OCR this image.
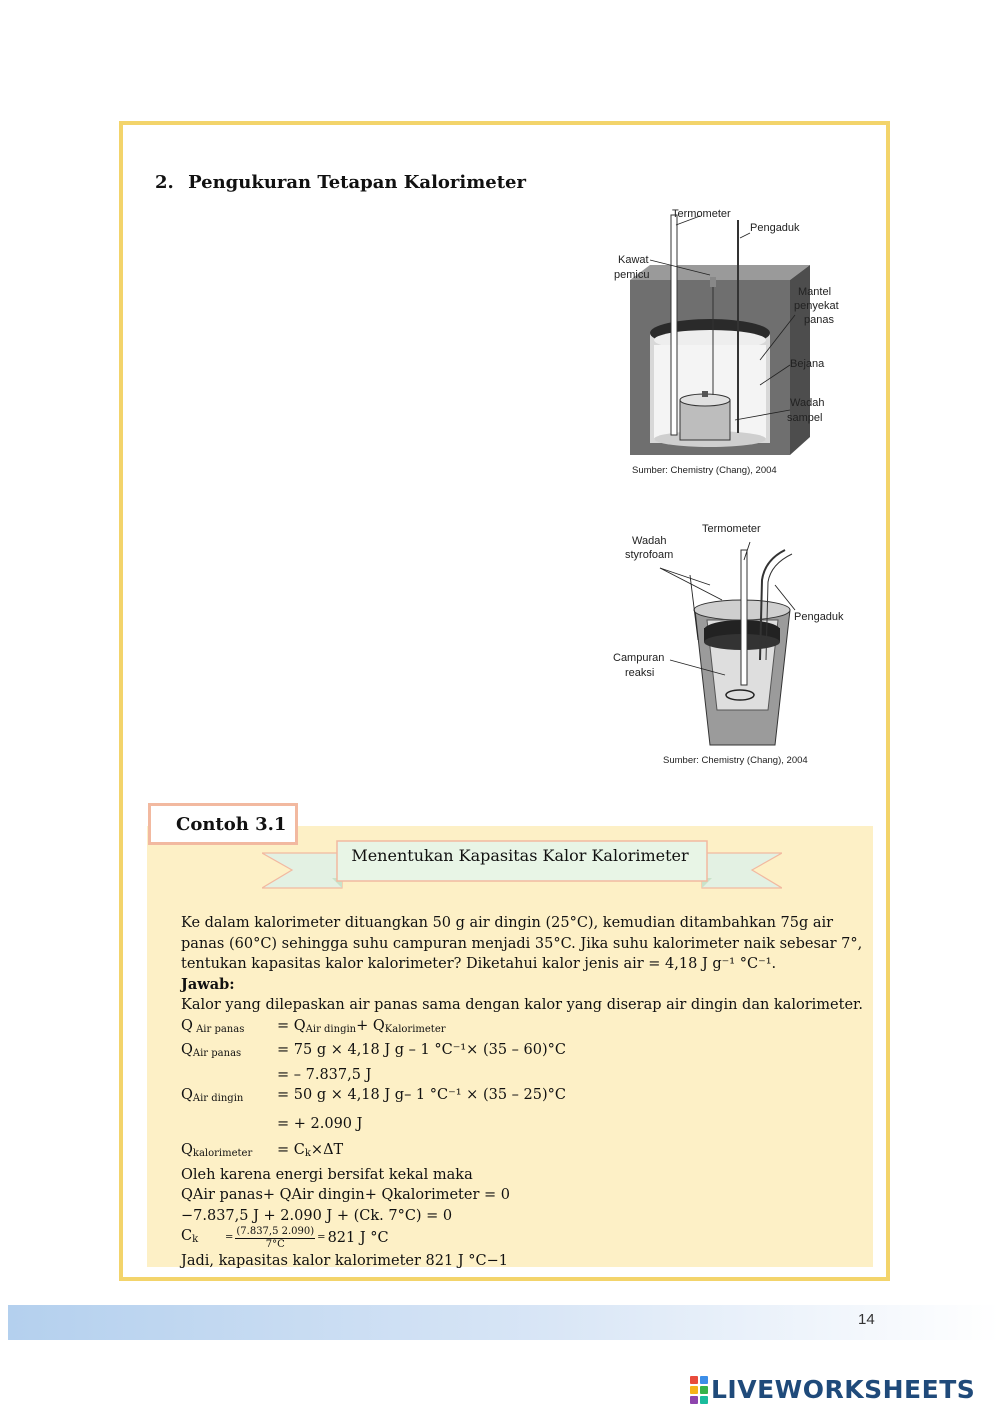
2. Pengukuran Tetapan Kalorimeter
Termometer
Pengaduk
Kawat
pemicu
Mantel
penyekat
panas
Bejana
Wadah
sampel
Sumber: Chemistry (Chang), 2004
Termometer
Wadah
styrofoam
Pengaduk
Campuran
reaksi
Sumber: Chemistry (Chang), 2004
Contoh 3.1
Menentukan Kapasitas Kalor Kalorimeter

Ke dalam kalorimeter dituangkan 50 g air dingin (25°C), kemudian ditambahkan 75g air panas (60°C) sehingga suhu campuran menjadi 35°C. Jika suhu kalorimeter naik sebesar 7°, tentukan kapasitas kalor kalorimeter? Diketahui kalor jenis air = 4,18 J g⁻¹ °C⁻¹.

Jawab:

Kalor yang dilepaskan air panas sama dengan kalor yang diserap air dingin dan kalorimeter.

Q $_{Air panas}$	= $Q_{Air dingin}+ Q_{Kalorimeter}$
$Q_{Air panas}$	= 75 g × 4,18 J g – 1 °C⁻¹× (35 – 60)°C
= – 7.837,5 J
$Q_{Air dingin}$	= 50 g × 4,18 J g– 1 °C⁻¹ × (35 – 25)°C
= + 2.090 J
$Q_{kalorimeter}$	= $C_k\times\Delta T$

Oleh karena energi bersifat kekal maka

QAir panas+ QAir dingin+ Qkalorimeter = 0

−7.837,5 J + 2.090 J + (Ck. 7°C) = 0

$C_k$	= $\frac{(7.837,5 2.090)}{7^\circ C} = 821$ J °C

Jadi, kapasitas kalor kalorimeter 821 J °C−1

14
LIVEWORKSHEETS
